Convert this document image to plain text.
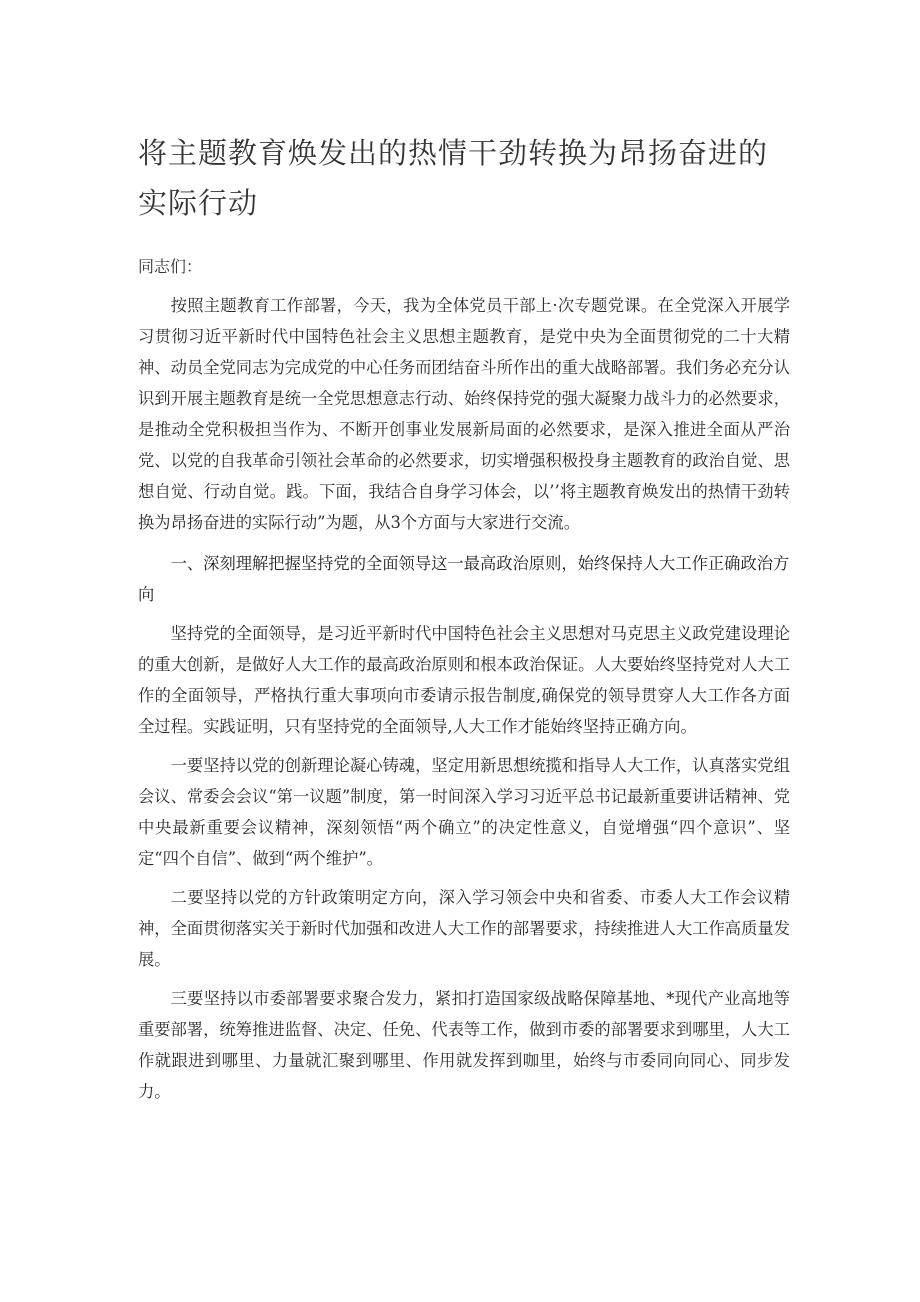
将主题教育焕发出的热情干劲转换为昂扬奋进的实际行动
同志们：

按照主题教育工作部署，今天，我为全体党员干部上·次专题党课。在全党深入开展学习贯彻习近平新时代中国特色社会主义思想主题教育，是党中央为全面贯彻党的二十大精神、动员全党同志为完成党的中心任务而团结奋斗所作出的重大战略部署。我们务必充分认识到开展主题教育是统一全党思想意志行动、始终保持党的强大凝聚力战斗力的必然要求，是推动全党积极担当作为、不断开创事业发展新局面的必然要求，是深入推进全面从严治党、以党的自我革命引领社会革命的必然要求，切实增强积极投身主题教育的政治自觉、思想自觉、行动自觉。践。下面，我结合自身学习体会，以’’将主题教育焕发出的热情干劲转换为昂扬奋进的实际行动”为题，从3个方面与大家进行交流。

一、深刻理解把握坚持党的全面领导这一最高政治原则，始终保持人大工作正确政治方向

坚持党的全面领导，是习近平新时代中国特色社会主义思想对马克思主义政党建设理论的重大创新，是做好人大工作的最高政治原则和根本政治保证。人大要始终坚持党对人大工作的全面领导，严格执行重大事项向市委请示报告制度,确保党的领导贯穿人大工作各方面全过程。实践证明，只有坚持党的全面领导,人大工作才能始终坚持正确方向。

一要坚持以党的创新理论凝心铸魂，坚定用新思想统揽和指导人大工作，认真落实党组会议、常委会会议“第一议题”制度，第一时间深入学习习近平总书记最新重要讲话精神、党中央最新重要会议精神，深刻领悟“两个确立”的决定性意义，自觉增强“四个意识”、坚定“四个自信”、做到“两个维护”。

二要坚持以党的方针政策明定方向，深入学习领会中央和省委、市委人大工作会议精神，全面贯彻落实关于新时代加强和改进人大工作的部署要求，持续推进人大工作高质量发展。

三要坚持以市委部署要求聚合发力，紧扣打造国家级战略保障基地、*现代产业高地等重要部署，统筹推进监督、决定、任免、代表等工作，做到市委的部署要求到哪里，人大工作就跟进到哪里、力量就汇聚到哪里、作用就发挥到咖里，始终与市委同向同心、同步发力。
